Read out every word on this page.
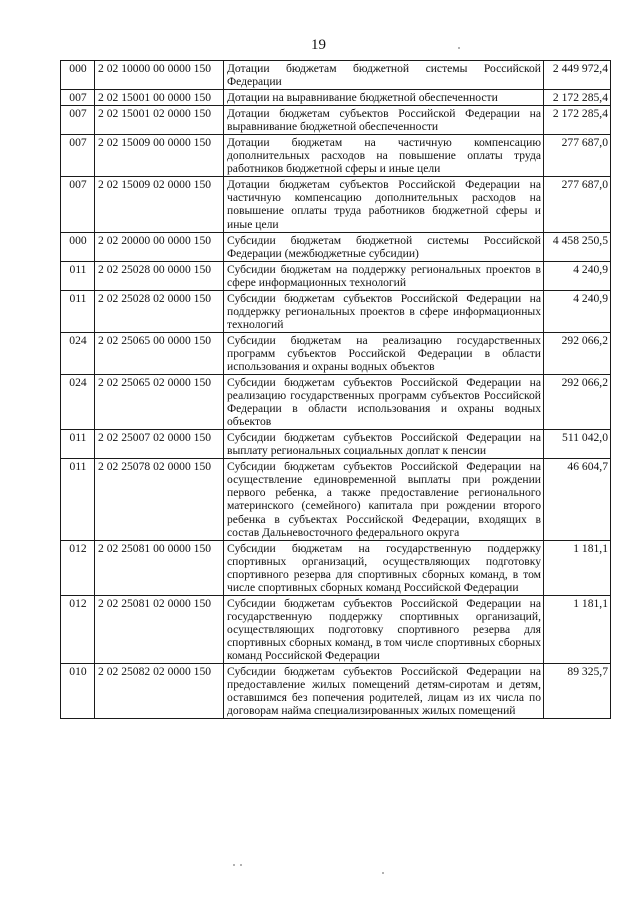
19
000	2 02 10000 00 0000 150	Дотации бюджетам бюджетной системы Российской Федерации	2 449 972,4
007	2 02 15001 00 0000 150	Дотации на выравнивание бюджетной обеспеченности	2 172 285,4
007	2 02 15001 02 0000 150	Дотации бюджетам субъектов Российской Федерации на выравнивание бюджетной обеспеченности	2 172 285,4
007	2 02 15009 00 0000 150	Дотации бюджетам на частичную компенсацию дополнительных расходов на повышение оплаты труда работников бюджетной сферы и иные цели	277 687,0
007	2 02 15009 02 0000 150	Дотации бюджетам субъектов Российской Федерации на частичную компенсацию дополнительных расходов на повышение оплаты труда работников бюджетной сферы и иные цели	277 687,0
000	2 02 20000 00 0000 150	Субсидии бюджетам бюджетной системы Российской Федерации (межбюджетные субсидии)	4 458 250,5
011	2 02 25028 00 0000 150	Субсидии бюджетам на поддержку региональных проектов в сфере информационных технологий	4 240,9
011	2 02 25028 02 0000 150	Субсидии бюджетам субъектов Российской Федерации на поддержку региональных проектов в сфере информационных технологий	4 240,9
024	2 02 25065 00 0000 150	Субсидии бюджетам на реализацию государственных программ субъектов Российской Федерации в области использования и охраны водных объектов	292 066,2
024	2 02 25065 02 0000 150	Субсидии бюджетам субъектов Российской Федерации на реализацию государственных программ субъектов Российской Федерации в области использования и охраны водных объектов	292 066,2
011	2 02 25007 02 0000 150	Субсидии бюджетам субъектов Российской Федерации на выплату региональных социальных доплат к пенсии	511 042,0
011	2 02 25078 02 0000 150	Субсидии бюджетам субъектов Российской Федерации на осуществление единовременной выплаты при рождении первого ребенка, а также предоставление регионального материнского (семейного) капитала при рождении второго ребенка в субъектах Российской Федерации, входящих в состав Дальневосточного федерального округа	46 604,7
012	2 02 25081 00 0000 150	Субсидии бюджетам на государственную поддержку спортивных организаций, осуществляющих подготовку спортивного резерва для спортивных сборных команд, в том числе спортивных сборных команд Российской Федерации	1 181,1
012	2 02 25081 02 0000 150	Субсидии бюджетам субъектов Российской Федерации на государственную поддержку спортивных организаций, осуществляющих подготовку спортивного резерва для спортивных сборных команд, в том числе спортивных сборных команд Российской Федерации	1 181,1
010	2 02 25082 02 0000 150	Субсидии бюджетам субъектов Российской Федерации на предоставление жилых помещений детям-сиротам и детям, оставшимся без попечения родителей, лицам из их числа по договорам найма специализированных жилых помещений	89 325,7
